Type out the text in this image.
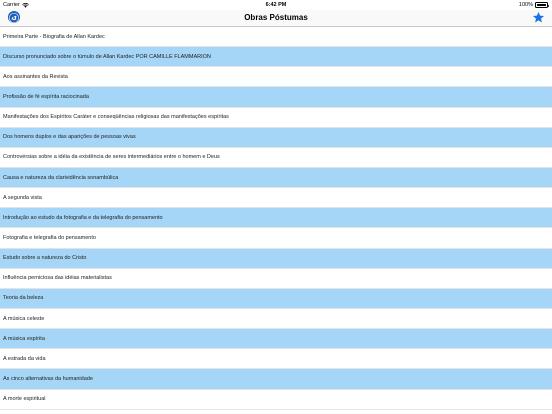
Carrier	6:42 PM	100%
Obras Póstumas
Primeira Parte - Biografia de Allan Kardec
Discurso pronunciado sobre o túmulo de Allan Kardec POR CAMILLE FLAMMARION
Aos assinantes da Revista
Profissão de fé espírita raciocinada
Manifestações dos Espíritos Caráter e conseqüências religiosas das manifestações espíritas
Dos homens duplos e das aparições de pessoas vivas
Controvérsias sobre a idéia da existência de seres intermediários entre o homem e Deus
Causa e natureza da clarividência sonambúlica
A segunda vista
Introdução ao estudo da fotografia e da telegrafia do pensamento
Fotografia e telegrafia do pensamento
Estudo sobre a natureza do Cristo
Influência perniciosa das idéias materialistas
Teoria da beleza
A música celeste
A música espírita
A estrada da vida
As cinco alternativas da humanidade
A morte espiritual
